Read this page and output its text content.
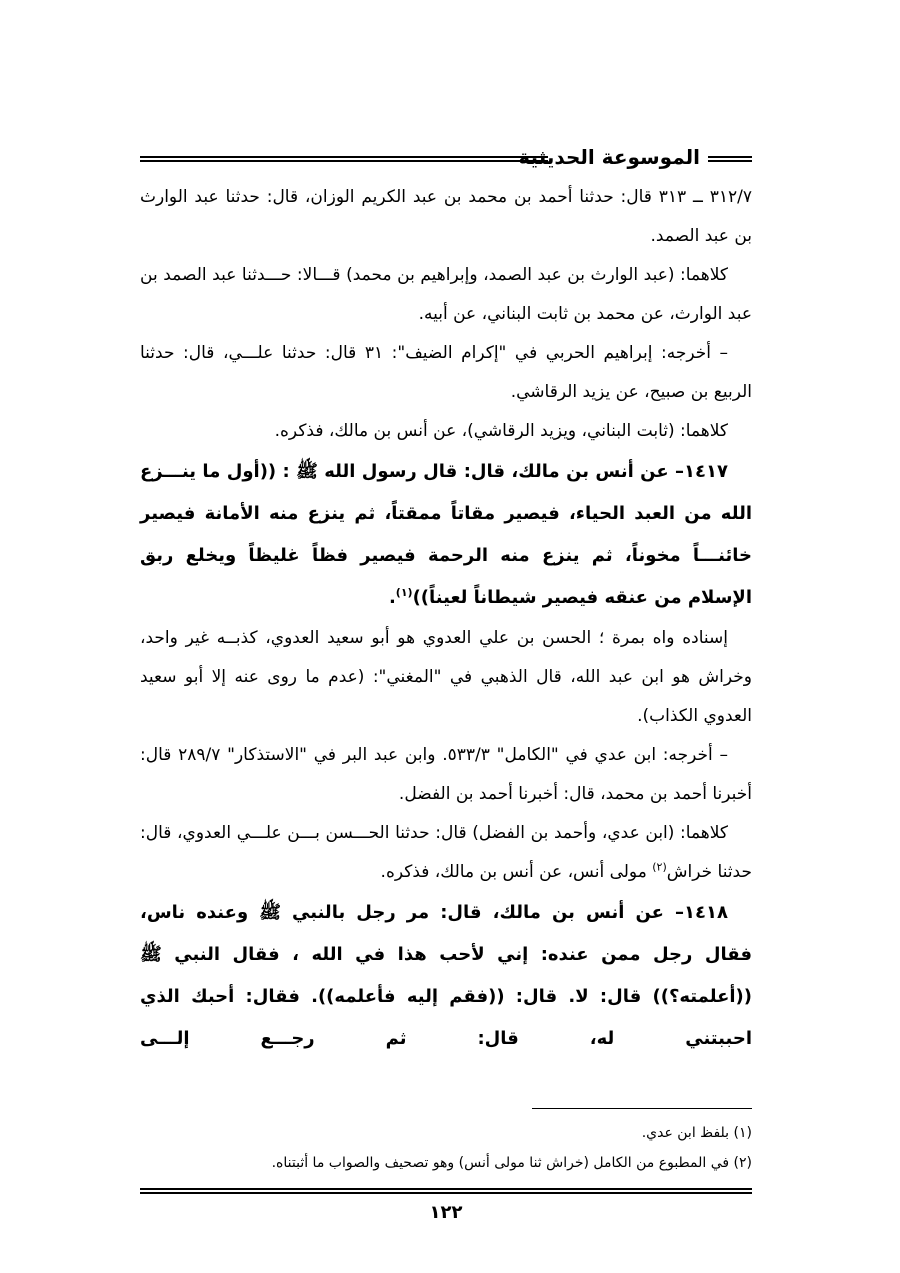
الموسوعة الحديثية

٣١٢/٧ ــ ٣١٣ قال: حدثنا أحمد بن محمد بن عبد الكريم الوزان، قال: حدثنا عبد الوارث بن عبد الصمد.

كلاهما: (عبد الوارث بن عبد الصمد، وإبراهيم بن محمد) قـــالا: حـــدثنا عبد الصمد بن عبد الوارث، عن محمد بن ثابت البناني، عن أبيه.

– أخرجه: إبراهيم الحربي في "إكرام الضيف": ٣١ قال: حدثنا علـــي، قال: حدثنا الربيع بن صبيح، عن يزيد الرقاشي.

كلاهما: (ثابت البناني، ويزيد الرقاشي)، عن أنس بن مالك، فذكره.

١٤١٧– عن أنس بن مالك، قال: قال رسول الله ﷺ : ((أول ما ينـــزع الله من العبد الحياء، فيصير مقاتاً ممقتاً، ثم ينزع منه الأمانة فيصير خائنـــاً مخوناً، ثم ينزع منه الرحمة فيصير فظاً غليظاً ويخلع ربق الإسلام من عنقه فيصير شيطاناً لعيناً))$^{(١)}$.

إسناده واه بمرة ؛ الحسن بن علي العدوي هو أبو سعيد العدوي، كذبــه غير واحد، وخراش هو ابن عبد الله، قال الذهبي في "المغني": (عدم ما روى عنه إلا أبو سعيد العدوي الكذاب).

– أخرجه: ابن عدي في "الكامل" ٥٣٣/٣. وابن عبد البر في "الاستذكار" ٢٨٩/٧ قال: أخبرنا أحمد بن محمد، قال: أخبرنا أحمد بن الفضل.

كلاهما: (ابن عدي، وأحمد بن الفضل) قال: حدثنا الحـــسن بـــن علـــي العدوي، قال: حدثنا خراش$^{(٢)}$ مولى أنس، عن أنس بن مالك، فذكره.

١٤١٨– عن أنس بن مالك، قال: مر رجل بالنبي ﷺ وعنده ناس، فقال رجل ممن عنده: إني لأحب هذا في الله ، فقال النبي ﷺ ((أعلمته؟)) قال: لا. قال: ((فقم إليه فأعلمه)). فقال: أحبك الذي احببتني له، قال: ثم رجـــع إلـــى

(١) بلفظ ابن عدي.

(٢) في المطبوع من الكامل (خراش ثنا مولى أنس) وهو تصحيف والصواب ما أثبتناه.

١٢٢
